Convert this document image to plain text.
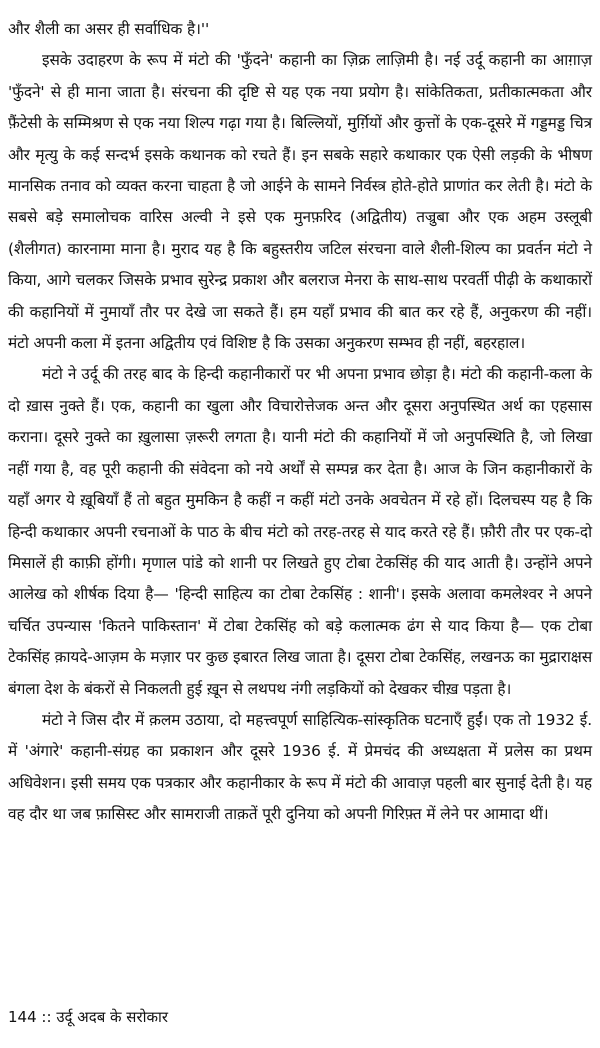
और शैली का असर ही सर्वाधिक है।''

इसके उदाहरण के रूप में मंटो की 'फुँदने' कहानी का ज़िक्र लाज़िमी है। नई उर्दू कहानी का आग़ाज़ 'फुँदने' से ही माना जाता है। संरचना की दृष्टि से यह एक नया प्रयोग है। सांकेतिकता, प्रतीकात्मकता और फ़ैंटेसी के सम्मिश्रण से एक नया शिल्प गढ़ा गया है। बिल्लियों, मुर्ग़ियों और कुत्तों के एक-दूसरे में गड्डमड्ड चित्र और मृत्यु के कई सन्दर्भ इसके कथानक को रचते हैं। इन सबके सहारे कथाकार एक ऐसी लड़की के भीषण मानसिक तनाव को व्यक्त करना चाहता है जो आईने के सामने निर्वस्त्र होते-होते प्राणांत कर लेती है। मंटो के सबसे बड़े समालोचक वारिस अल्वी ने इसे एक मुनफ़रिद (अद्वितीय) तज्रुबा और एक अहम उस्लूबी (शैलीगत) कारनामा माना है। मुराद यह है कि बहुस्तरीय जटिल संरचना वाले शैली-शिल्प का प्रवर्तन मंटो ने किया, आगे चलकर जिसके प्रभाव सुरेन्द्र प्रकाश और बलराज मेनरा के साथ-साथ परवर्ती पीढ़ी के कथाकारों की कहानियों में नुमायाँ तौर पर देखे जा सकते हैं। हम यहाँ प्रभाव की बात कर रहे हैं, अनुकरण की नहीं। मंटो अपनी कला में इतना अद्वितीय एवं विशिष्ट है कि उसका अनुकरण सम्भव ही नहीं, बहरहाल।

मंटो ने उर्दू की तरह बाद के हिन्दी कहानीकारों पर भी अपना प्रभाव छोड़ा है। मंटो की कहानी-कला के दो ख़ास नुक्ते हैं। एक, कहानी का खुला और विचारोत्तेजक अन्त और दूसरा अनुपस्थित अर्थ का एहसास कराना। दूसरे नुक्ते का ख़ुलासा ज़रूरी लगता है। यानी मंटो की कहानियों में जो अनुपस्थिति है, जो लिखा नहीं गया है, वह पूरी कहानी की संवेदना को नये अर्थों से सम्पन्न कर देता है। आज के जिन कहानीकारों के यहाँ अगर ये ख़ूबियाँ हैं तो बहुत मुमकिन है कहीं न कहीं मंटो उनके अवचेतन में रहे हों। दिलचस्प यह है कि हिन्दी कथाकार अपनी रचनाओं के पाठ के बीच मंटो को तरह-तरह से याद करते रहे हैं। फ़ौरी तौर पर एक-दो मिसालें ही काफ़ी होंगी। मृणाल पांडे को शानी पर लिखते हुए टोबा टेकसिंह की याद आती है। उन्होंने अपने आलेख को शीर्षक दिया है— 'हिन्दी साहित्य का टोबा टेकसिंह : शानी'। इसके अलावा कमलेश्वर ने अपने चर्चित उपन्यास 'कितने पाकिस्तान' में टोबा टेकसिंह को बड़े कलात्मक ढंग से याद किया है— एक टोबा टेकसिंह क़ायदे-आज़म के मज़ार पर कुछ इबारत लिख जाता है। दूसरा टोबा टेकसिंह, लखनऊ का मुद्राराक्षस बंगला देश के बंकरों से निकलती हुई ख़ून से लथपथ नंगी लड़कियों को देखकर चीख़ पड़ता है।

मंटो ने जिस दौर में क़लम उठाया, दो महत्त्वपूर्ण साहित्यिक-सांस्कृतिक घटनाएँ हुईं। एक तो 1932 ई. में 'अंगारे' कहानी-संग्रह का प्रकाशन और दूसरे 1936 ई. में प्रेमचंद की अध्यक्षता में प्रलेस का प्रथम अधिवेशन। इसी समय एक पत्रकार और कहानीकार के रूप में मंटो की आवाज़ पहली बार सुनाई देती है। यह वह दौर था जब फ़ासिस्ट और सामराजी ताक़तें पूरी दुनिया को अपनी गिरिफ़्त में लेने पर आमादा थीं।

144 :: उर्दू अदब के सरोकार
